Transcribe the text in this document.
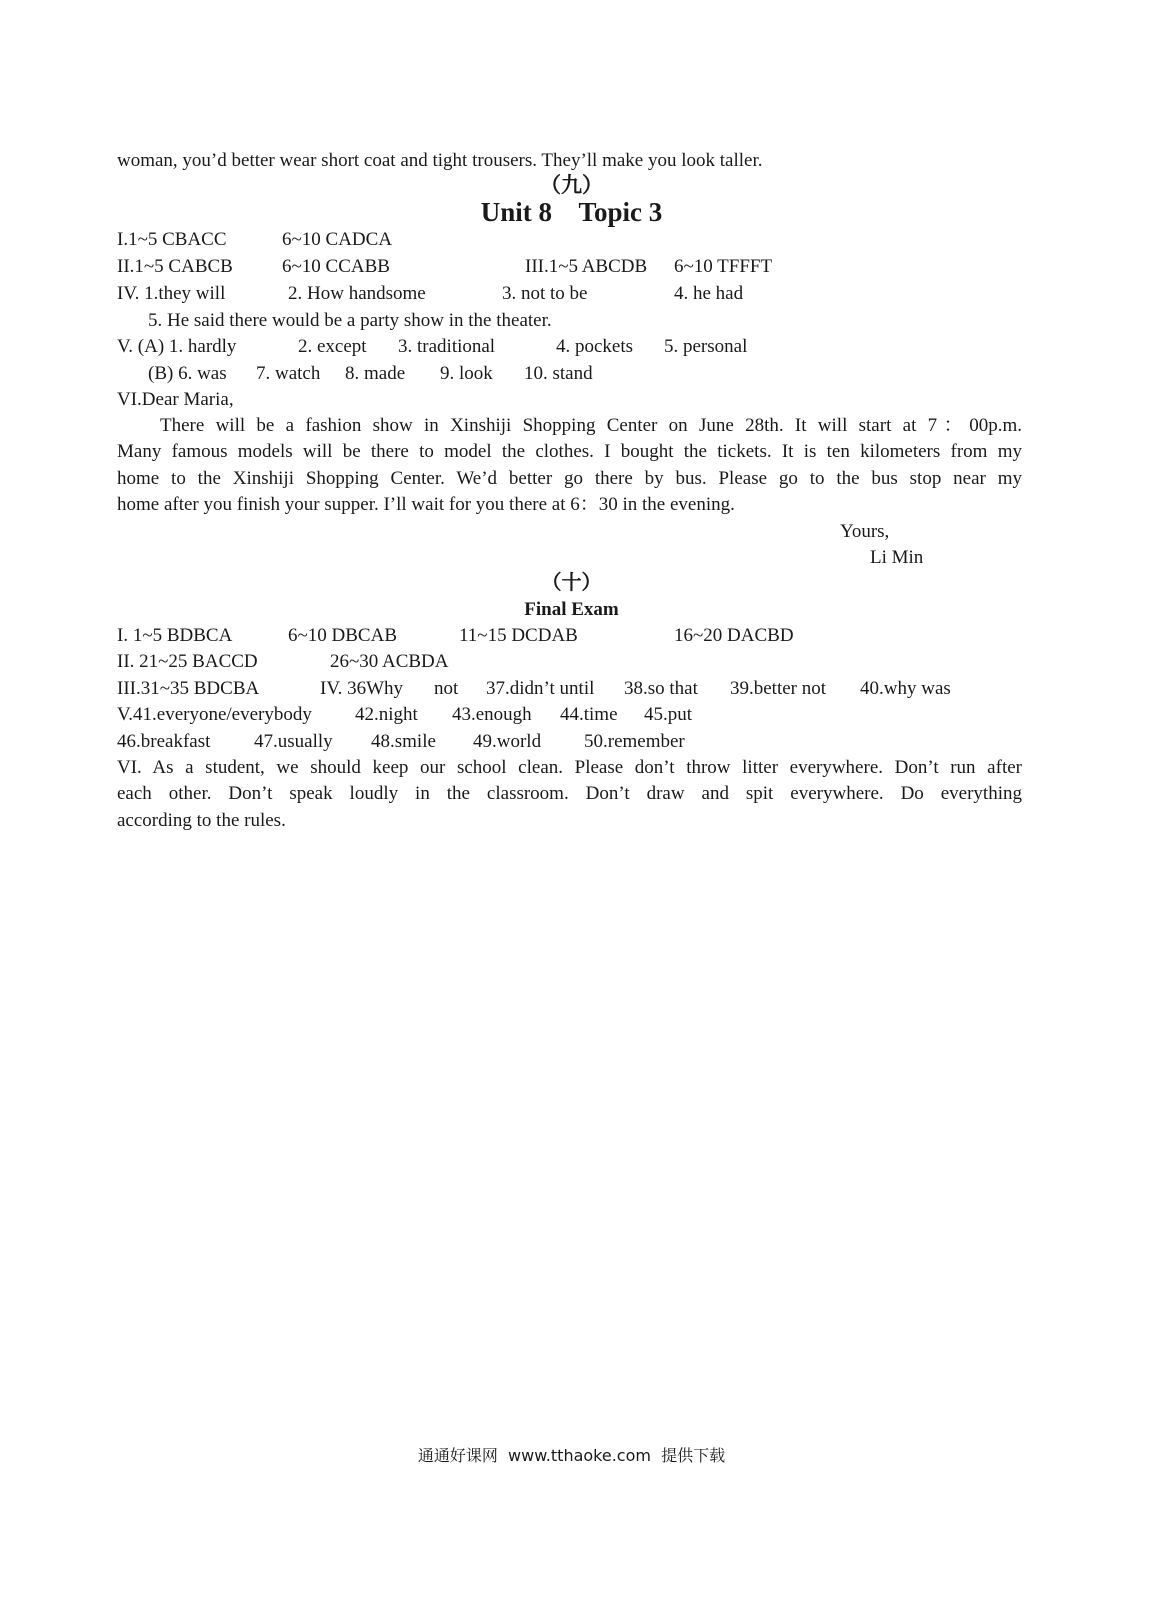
woman, you’d better wear short coat and tight trousers. They’ll make you look taller.
（九）
Unit 8    Topic 3
I.1~5 CBACC	6~10 CADCA
II.1~5 CABCB	6~10 CCABB	III.1~5 ABCDB 6~10 TFFFT
IV. 1.they will	2. How handsome	3. not to be	4. he had
5. He said there would be a party show in the theater.
V. (A) 1. hardly	2. except 3. traditional	4. pockets 5. personal
(B) 6. was 7. watch 8. made 9. look 10. stand
VI.Dear Maria,
There will be a fashion show in Xinshiji Shopping Center on June 28th. It will start at 7：00p.m.
Many famous models will be there to model the clothes. I bought the tickets. It is ten kilometers from my
home to the Xinshiji Shopping Center. We’d better go there by bus. Please go to the bus stop near my
home after you finish your supper. I’ll wait for you there at 6：30 in the evening.
Yours,
Li Min
（十）
Final Exam
I. 1~5 BDBCA	6~10 DBCAB	11~15 DCDAB	16~20 DACBD
II. 21~25 BACCD	26~30 ACBDA
III.31~35 BDCBA	IV. 36Why not 37.didn’t until 38.so that 39.better not 40.why was
V.41.everyone/everybody 42.night 43.enough 44.time 45.put
46.breakfast 47.usually 48.smile 49.world 50.remember
VI. As a student, we should keep our school clean. Please don’t throw litter everywhere. Don’t run after
each other. Don’t speak loudly in the classroom. Don’t draw and spit everywhere. Do everything
according to the rules.
通通好课网  www.tthaoke.com  提供下载
